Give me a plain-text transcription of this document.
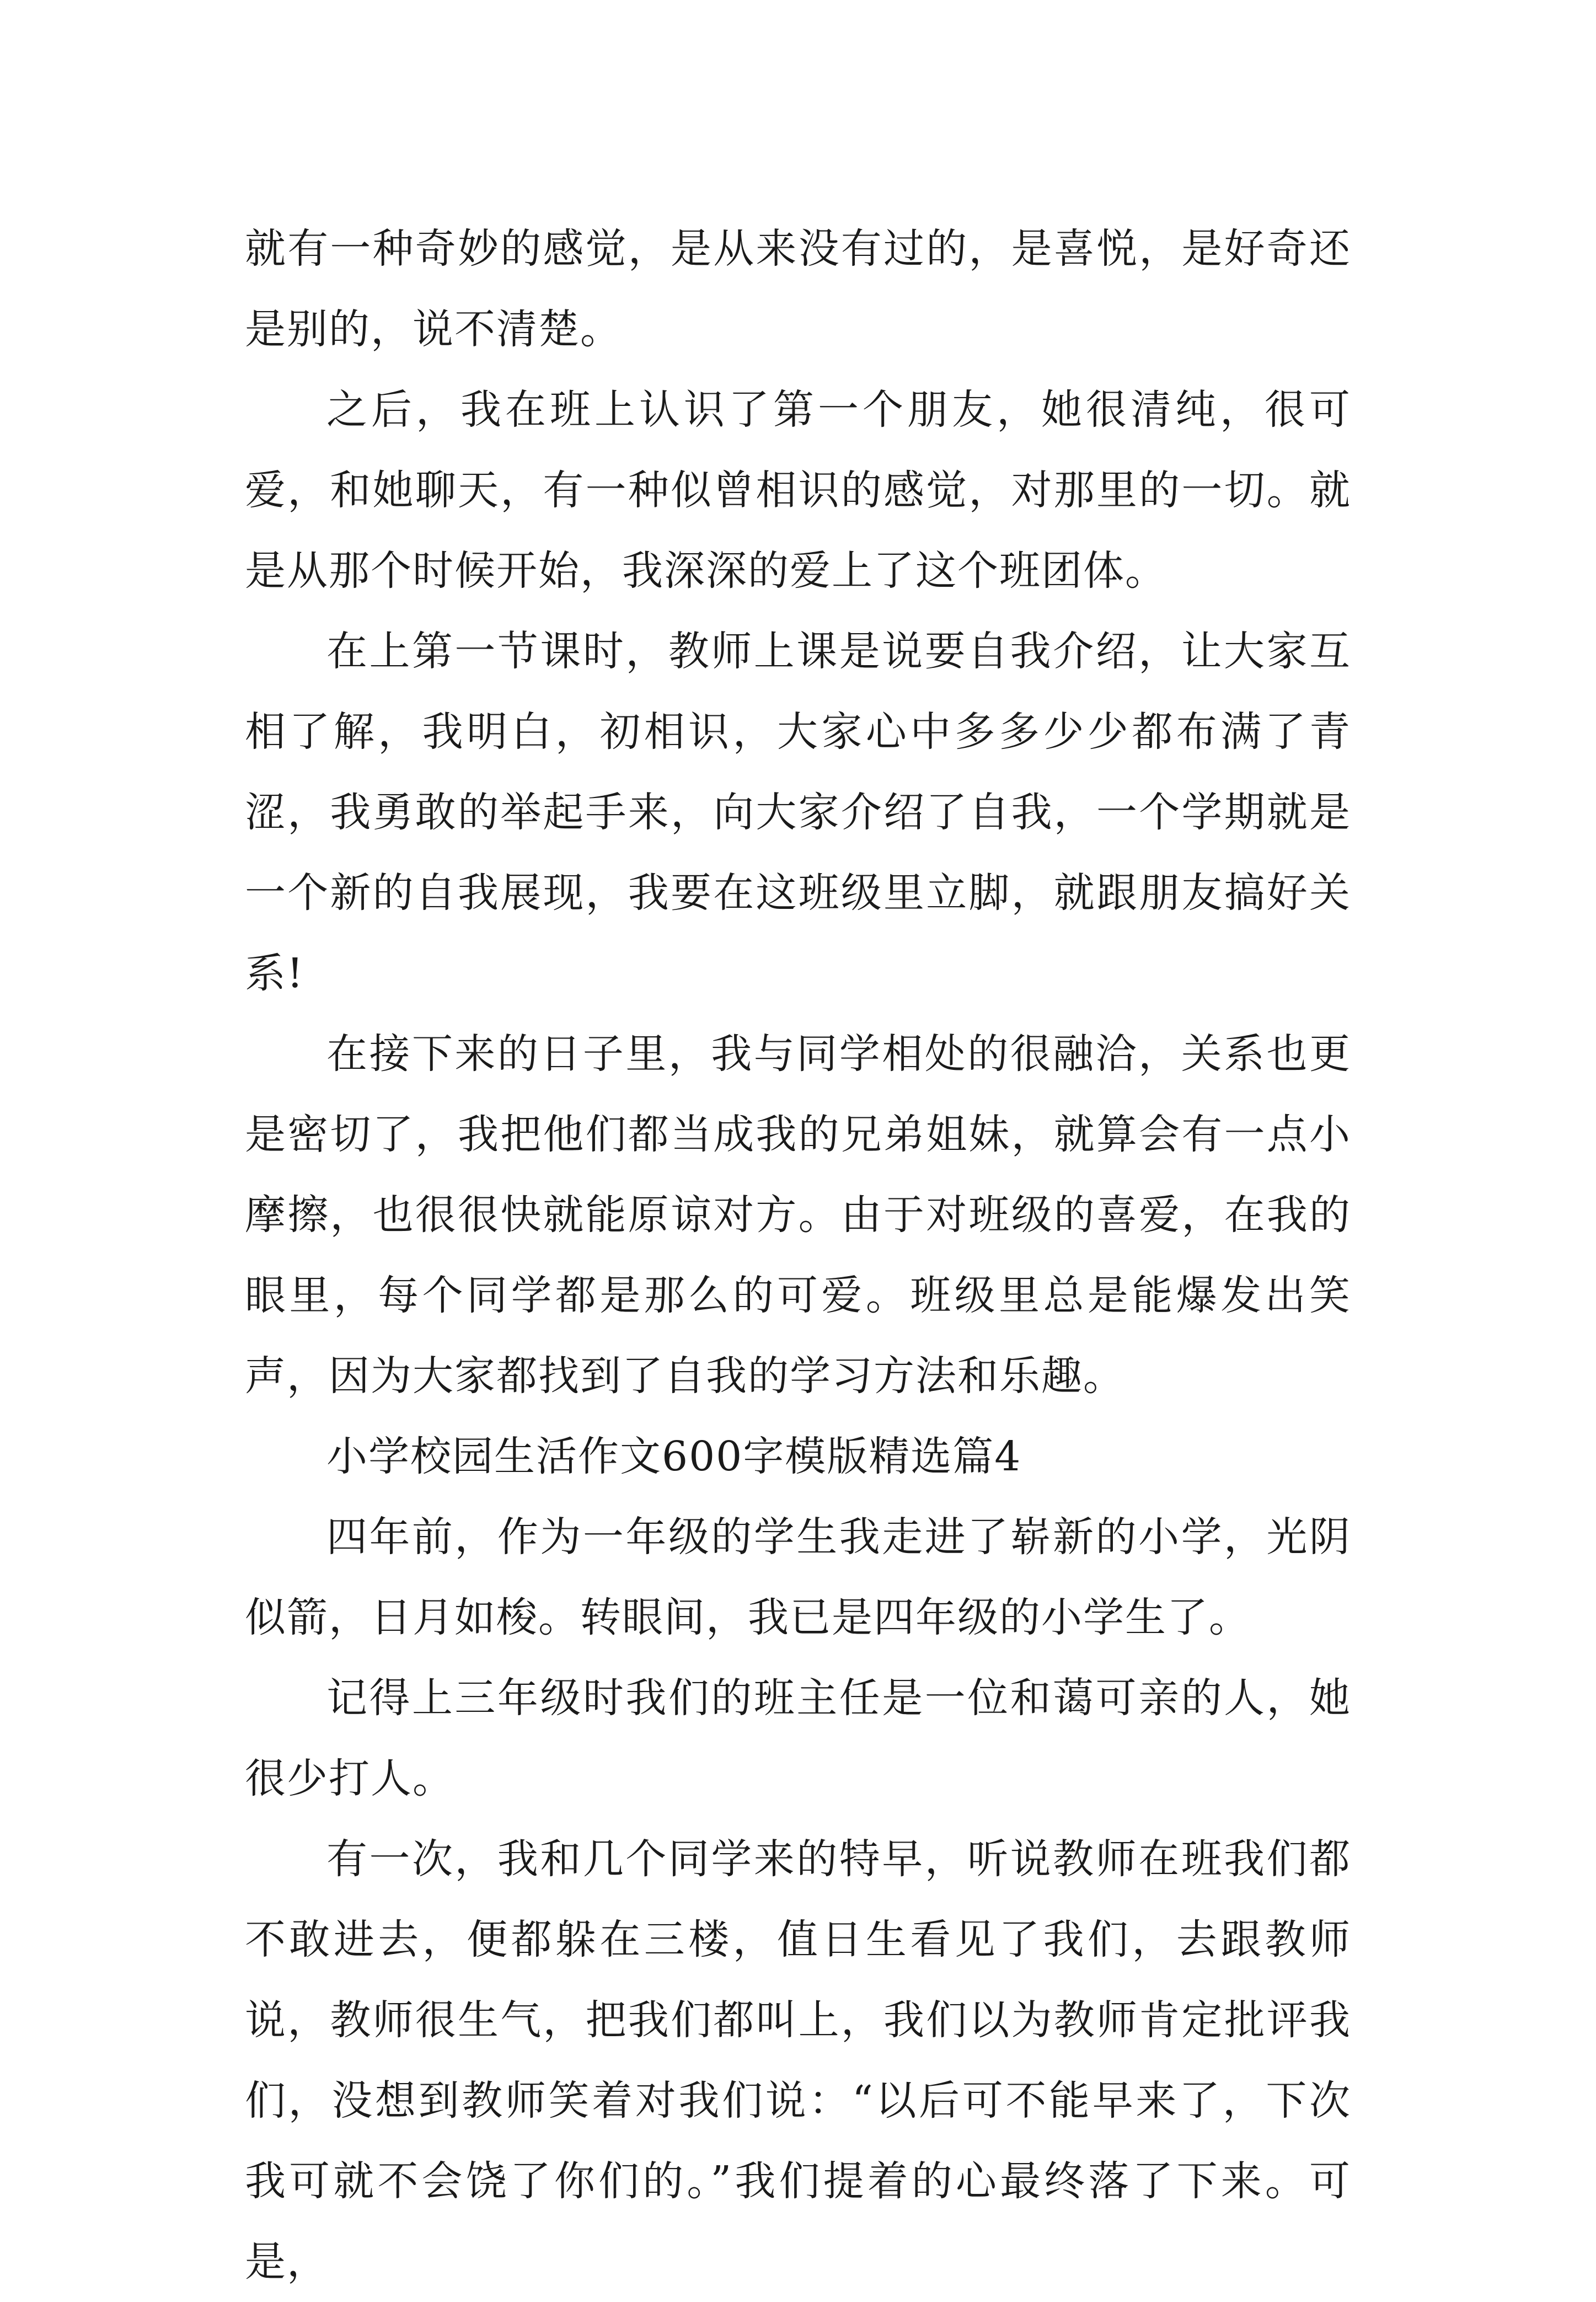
就有一种奇妙的感觉，是从来没有过的，是喜悦，是好奇还是别的，说不清楚。

之后，我在班上认识了第一个朋友，她很清纯，很可爱，和她聊天，有一种似曾相识的感觉，对那里的一切。就是从那个时候开始，我深深的爱上了这个班团体。

在上第一节课时，教师上课是说要自我介绍，让大家互相了解，我明白，初相识，大家心中多多少少都布满了青涩，我勇敢的举起手来，向大家介绍了自我，一个学期就是一个新的自我展现，我要在这班级里立脚，就跟朋友搞好关系!

在接下来的日子里，我与同学相处的很融洽，关系也更是密切了，我把他们都当成我的兄弟姐妹，就算会有一点小摩擦，也很很快就能原谅对方。由于对班级的喜爱，在我的眼里，每个同学都是那么的可爱。班级里总是能爆发出笑声，因为大家都找到了自我的学习方法和乐趣。

小学校园生活作文600字模版精选篇4

四年前，作为一年级的学生我走进了崭新的小学，光阴似箭，日月如梭。转眼间，我已是四年级的小学生了。

记得上三年级时我们的班主任是一位和蔼可亲的人，她很少打人。

有一次，我和几个同学来的特早，听说教师在班我们都不敢进去，便都躲在三楼，值日生看见了我们，去跟教师说，教师很生气，把我们都叫上，我们以为教师肯定批评我们，没想到教师笑着对我们说：“以后可不能早来了，下次我可就不会饶了你们的。”我们提着的心最终落了下来。可是，
